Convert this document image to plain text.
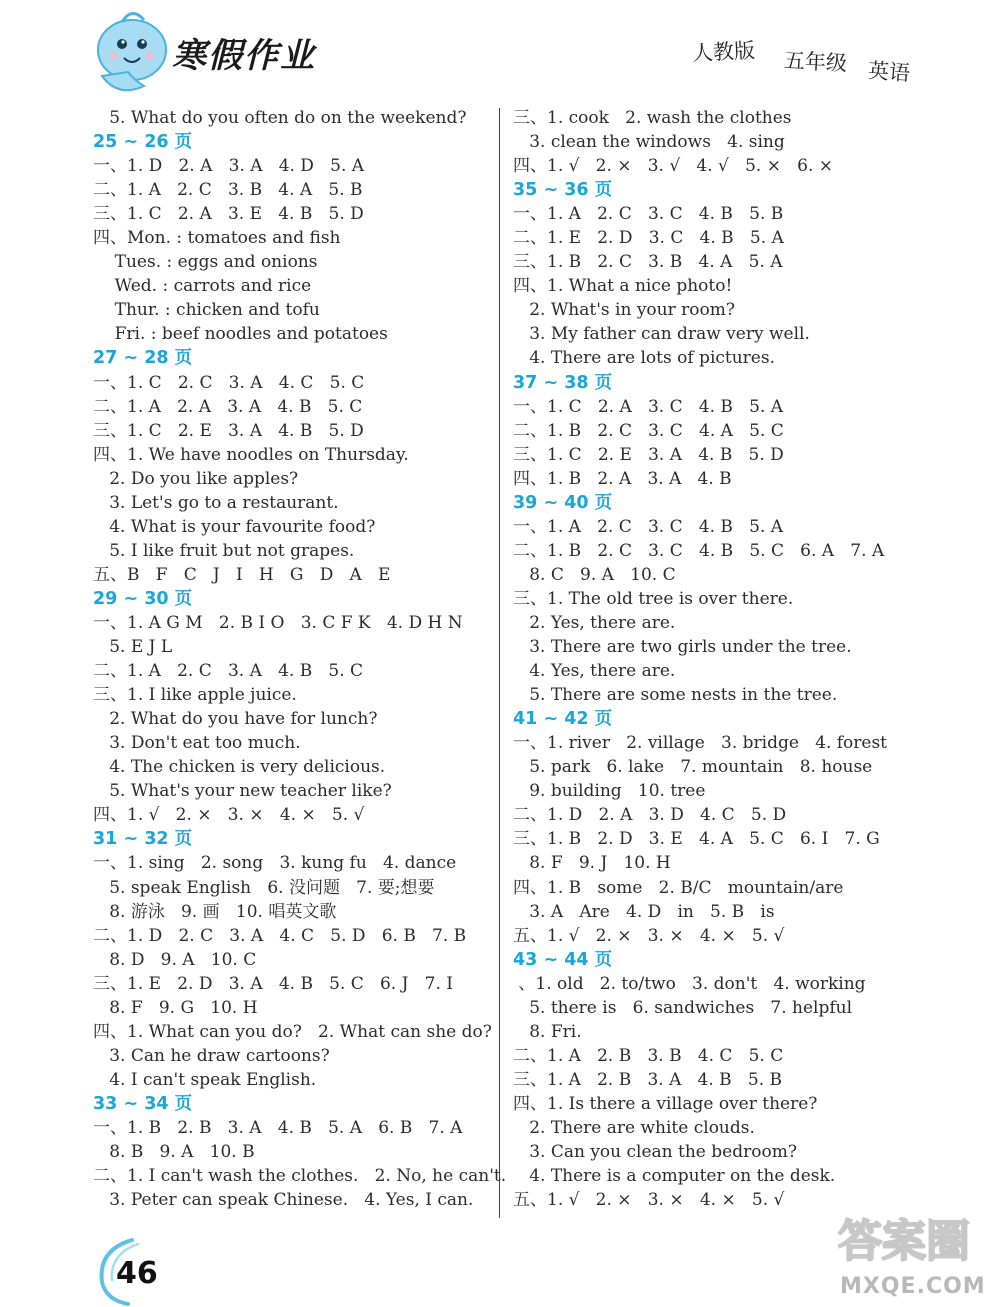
寒假作业	人教版 五年级 英语
5. What do you often do on the weekend?
25 ~ 26 页
一、1. D   2. A   3. A   4. D   5. A
二、1. A   2. C   3. B   4. A   5. B
三、1. C   2. A   3. E   4. B   5. D
四、Mon. : tomatoes and fish
Tues. : eggs and onions
Wed. : carrots and rice
Thur. : chicken and tofu
Fri. : beef noodles and potatoes
27 ~ 28 页
一、1. C   2. C   3. A   4. C   5. C
二、1. A   2. A   3. A   4. B   5. C
三、1. C   2. E   3. A   4. B   5. D
四、1. We have noodles on Thursday.
2. Do you like apples?
3. Let's go to a restaurant.
4. What is your favourite food?
5. I like fruit but not grapes.
五、B   F   C   J   I   H   G   D   A   E
29 ~ 30 页
一、1. A G M   2. B I O   3. C F K   4. D H N
5. E J L
二、1. A   2. C   3. A   4. B   5. C
三、1. I like apple juice.
2. What do you have for lunch?
3. Don't eat too much.
4. The chicken is very delicious.
5. What's your new teacher like?
四、1. √   2. ×   3. ×   4. ×   5. √
31 ~ 32 页
一、1. sing   2. song   3. kung fu   4. dance
5. speak English   6. 没问题   7. 要;想要
8. 游泳   9. 画   10. 唱英文歌
二、1. D   2. C   3. A   4. C   5. D   6. B   7. B
8. D   9. A   10. C
三、1. E   2. D   3. A   4. B   5. C   6. J   7. I
8. F   9. G   10. H
四、1. What can you do?   2. What can she do?
3. Can he draw cartoons?
4. I can't speak English.
33 ~ 34 页
一、1. B   2. B   3. A   4. B   5. A   6. B   7. A
8. B   9. A   10. B
二、1. I can't wash the clothes.   2. No, he can't.
3. Peter can speak Chinese.   4. Yes, I can.
三、1. cook   2. wash the clothes
3. clean the windows   4. sing
四、1. √   2. ×   3. √   4. √   5. ×   6. ×
35 ~ 36 页
一、1. A   2. C   3. C   4. B   5. B
二、1. E   2. D   3. C   4. B   5. A
三、1. B   2. C   3. B   4. A   5. A
四、1. What a nice photo!
2. What's in your room?
3. My father can draw very well.
4. There are lots of pictures.
37 ~ 38 页
一、1. C   2. A   3. C   4. B   5. A
二、1. B   2. C   3. C   4. A   5. C
三、1. C   2. E   3. A   4. B   5. D
四、1. B   2. A   3. A   4. B
39 ~ 40 页
一、1. A   2. C   3. C   4. B   5. A
二、1. B   2. C   3. C   4. B   5. C   6. A   7. A
8. C   9. A   10. C
三、1. The old tree is over there.
2. Yes, there are.
3. There are two girls under the tree.
4. Yes, there are.
5. There are some nests in the tree.
41 ~ 42 页
一、1. river   2. village   3. bridge   4. forest
5. park   6. lake   7. mountain   8. house
9. building   10. tree
二、1. D   2. A   3. D   4. C   5. D
三、1. B   2. D   3. E   4. A   5. C   6. I   7. G
8. F   9. J   10. H
四、1. B   some   2. B/C   mountain/are
3. A   Are   4. D   in   5. B   is
五、1. √   2. ×   3. ×   4. ×   5. √
43 ~ 44 页
、1. old   2. to/two   3. don't   4. working
5. there is   6. sandwiches   7. helpful
8. Fri.
二、1. A   2. B   3. B   4. C   5. C
三、1. A   2. B   3. A   4. B   5. B
四、1. Is there a village over there?
2. There are white clouds.
3. Can you clean the bedroom?
4. There is a computer on the desk.
五、1. √   2. ×   3. ×   4. ×   5. √
46
答案圈
MXQE.COM
